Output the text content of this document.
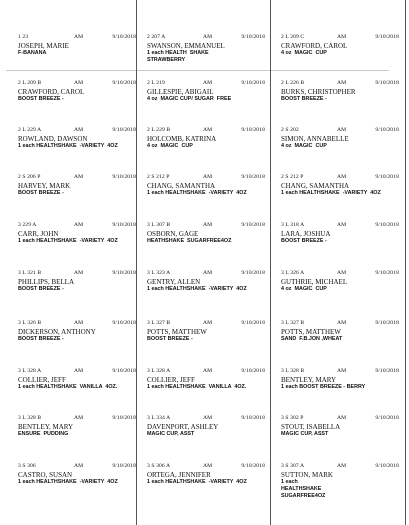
1 23	AM	9/10/2018
JOSEPH, MARIE
F-BANANA
2 207 A	AM	9/10/2018
SWANSON, EMMANUEL
1 each HEALTH  SHAKE
STRAWBERRY
2 L 209 C	AM	9/10/2018
CRAWFORD, CAROL
4 oz  MAGIC  CUP
2 L 209 B	AM	9/10/2018
CRAWFORD, CAROL
BOOST BREEZE -
2 L 219	AM	9/10/2018
GILLESPIE, ABIGAIL
4 oz  MAGIC CUP/ SUGAR  FREE
2 L 226 B	AM	9/10/2018
BURKS, CHRISTOPHER
BOOST BREEZE -
2 L 229 A	AM	9/10/2018
ROWLAND, DAWSON
1 each HEALTHSHAKE  -VARIETY  4OZ
2 L 229 B	AM	9/10/2018
HOLCOMB, KATRINA
4 oz  MAGIC  CUP
2 S 202	AM	9/10/2018
SIMON, ANNABELLE
4 oz  MAGIC  CUP
2 S 206 P	AM	9/10/2018
HARVEY, MARK
BOOST BREEZE -
2 S 212 P	AM	9/10/2018
CHANG, SAMANTHA
1 each HEALTHSHAKE  -VARIETY  4OZ
2 S 212 P	AM	9/10/2018
CHANG, SAMANTHA
1 each HEALTHSHAKE  -VARIETY  4OZ
3 229 A	AM	9/10/2018
CARR, JOHN
1 each HEALTHSHAKE  -VARIETY  4OZ
3 L 307 B	AM	9/10/2018
OSBORN, GAGE
HEATHSHAKE  SUGARFREE4OZ
3 L 318 A	AM	9/10/2018
LARA, JOSHUA
BOOST BREEZE -
3 L 321 B	AM	9/10/2018
PHILLIPS, BELLA
BOOST BREEZE -
3 L 323 A	AM	9/10/2018
GENTRY, ALLEN
1 each HEALTHSHAKE  -VARIETY  4OZ
3 L 326 A	AM	9/10/2018
GUTHRIE, MICHAEL
4 oz  MAGIC  CUP
3 L 326 B	AM	9/10/2018
DICKERSON, ANTHONY
BOOST BREEZE -
3 L 327 B	AM	9/10/2018
POTTS, MATTHEW
BOOST BREEZE -
3 L 327 B	AM	9/10/2018
POTTS, MATTHEW
SAND  F.B.JON ,WHEAT
3 L 328 A	AM	9/10/2018
COLLIER, JEFF
1 each HEALTHSHAKE  VANILLA  4OZ.
3 L 328 A	AM	9/10/2018
COLLIER, JEFF
1 each HEALTHSHAKE  VANILLA  4OZ.
3 L 328 B	AM	9/10/2018
BENTLEY, MARY
1 each BOOST BREEZE - BERRY
3 L 328 B	AM	9/10/2018
BENTLEY, MARY
ENSURE  PUDDING
3 L 334 A	AM	9/10/2018
DAVENPORT, ASHLEY
MAGIC CUP, ASST
3 S 302 P	AM	9/10/2018
STOUT, ISABELLA
MAGIC CUP, ASST
3 S 306	AM	9/10/2018
CASTRO, SUSAN
1 each HEALTHSHAKE  -VARIETY  4OZ
3 S 306 A	AM	9/10/2018
ORTEGA, JENNIFER
1 each HEALTHSHAKE  -VARIETY  4OZ
3 S 307 A	AM	9/10/2018
SUTTON, MARK
1 each
HEALTHSHAKE
SUGARFREE4OZ
